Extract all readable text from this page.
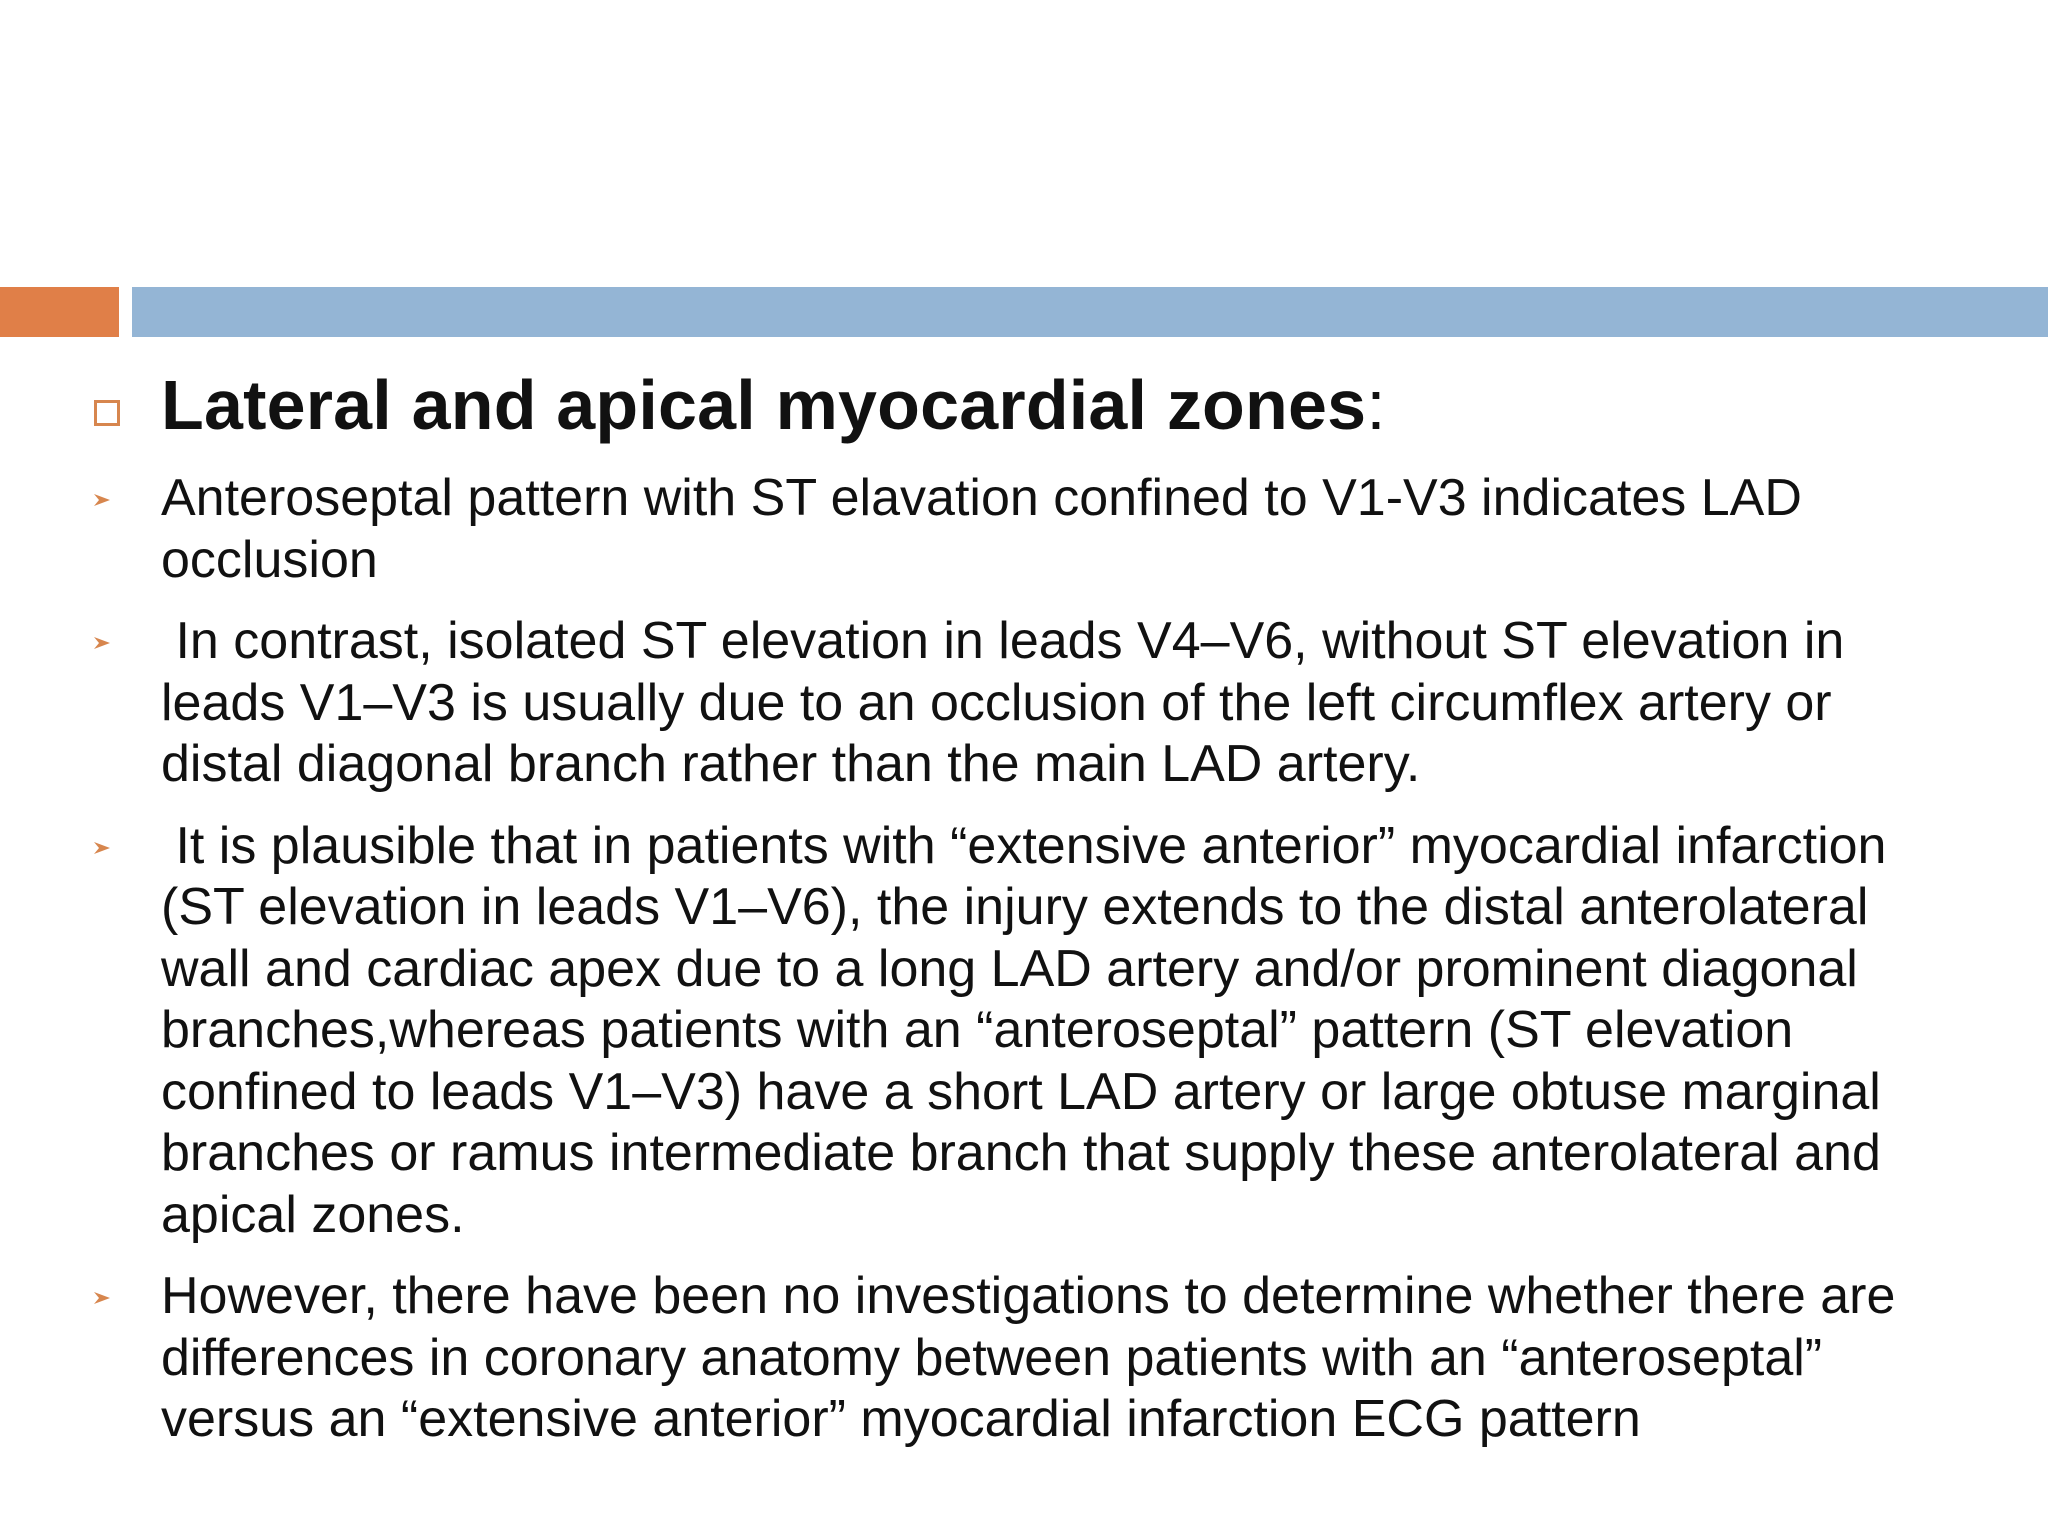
Lateral and apical myocardial zones:
Anteroseptal pattern with ST elavation confined to V1-V3 indicates LAD occlusion
In contrast, isolated ST elevation in leads V4–V6, without ST elevation in leads V1–V3 is usually due to an occlusion of the left circumflex artery or distal diagonal branch rather than the main LAD artery.
It is plausible that in patients with “extensive anterior” myocardial infarction (ST elevation in leads V1–V6), the injury extends to the distal anterolateral wall and cardiac apex due to a long LAD artery and/or prominent diagonal branches,whereas patients with an “anteroseptal” pattern (ST elevation confined to leads V1–V3) have a short LAD artery or large obtuse marginal branches or ramus intermediate branch that supply these anterolateral and apical zones.
However, there have been no investigations to determine whether there are differences in coronary anatomy between patients with an “anteroseptal” versus an “extensive anterior” myocardial infarction ECG pattern
